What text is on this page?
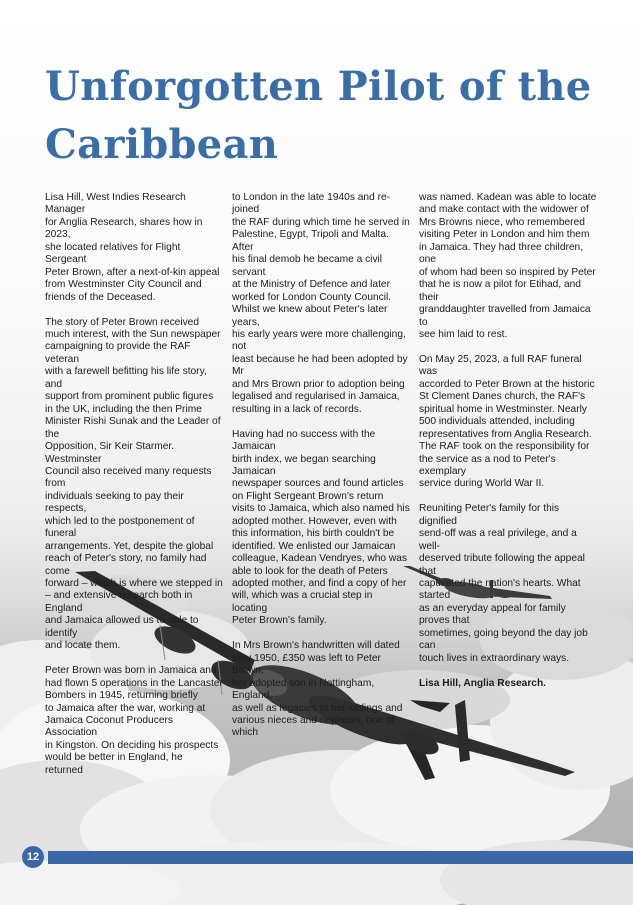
Unforgotten Pilot of the Caribbean

Lisa Hill, West Indies Research Manager
for Anglia Research, shares how in 2023,
she located relatives for Flight Sergeant
Peter Brown, after a next-of-kin appeal
from Westminster City Council and
friends of the Deceased.

The story of Peter Brown received
much interest, with the Sun newspaper
campaigning to provide the RAF veteran
with a farewell befitting his life story, and
support from prominent public figures
in the UK, including the then Prime
Minister Rishi Sunak and the Leader of the
Opposition, Sir Keir Starmer. Westminster
Council also received many requests from
individuals seeking to pay their respects,
which led to the postponement of funeral
arrangements. Yet, despite the global
reach of Peter's story, no family had come
forward – which is where we stepped in
– and extensive research both in England
and Jamaica allowed us to able to identify
and locate them.

Peter Brown was born in Jamaica and
had flown 5 operations in the Lancaster
Bombers in 1945, returning briefly
to Jamaica after the war, working at
Jamaica Coconut Producers Association
in Kingston. On deciding his prospects
would be better in England, he returned

to London in the late 1940s and re-joined
the RAF during which time he served in
Palestine, Egypt, Tripoli and Malta. After
his final demob he became a civil servant
at the Ministry of Defence and later
worked for London County Council.
Whilst we knew about Peter's later years,
his early years were more challenging, not
least because he had been adopted by Mr
and Mrs Brown prior to adoption being
legalised and regularised in Jamaica,
resulting in a lack of records.

Having had no success with the Jamaican
birth index, we began searching Jamaican
newspaper sources and found articles
on Flight Sergeant Brown's return
visits to Jamaica, which also named his
adopted mother. However, even with
this information, his birth couldn't be
identified. We enlisted our Jamaican
colleague, Kadean Vendryes, who was
able to look for the death of Peters
adopted mother, and find a copy of her
will, which was a crucial step in locating
Peter Brown's family.

In Mrs Brown's handwritten will dated
May 1950, £350 was left to Peter Brown,
her adopted son in Nottingham, England,
as well as legacies to her siblings and
various nieces and nephews, one of which

was named. Kadean was able to locate
and make contact with the widower of
Mrs Browns niece, who remembered
visiting Peter in London and him them
in Jamaica. They had three children, one
of whom had been so inspired by Peter
that he is now a pilot for Etihad, and their
granddaughter travelled from Jamaica to
see him laid to rest.

On May 25, 2023, a full RAF funeral was
accorded to Peter Brown at the historic
St Clement Danes church, the RAF's
spiritual home in Westminster. Nearly
500 individuals attended, including
representatives from Anglia Research.
The RAF took on the responsibility for
the service as a nod to Peter's exemplary
service during World War II.

Reuniting Peter's family for this dignified
send-off was a real privilege, and a well-
deserved tribute following the appeal that
captivated the nation's hearts. What started
as an everyday appeal for family proves that
sometimes, going beyond the day job can
touch lives in extraordinary ways.

Lisa Hill, Anglia Research.

12
